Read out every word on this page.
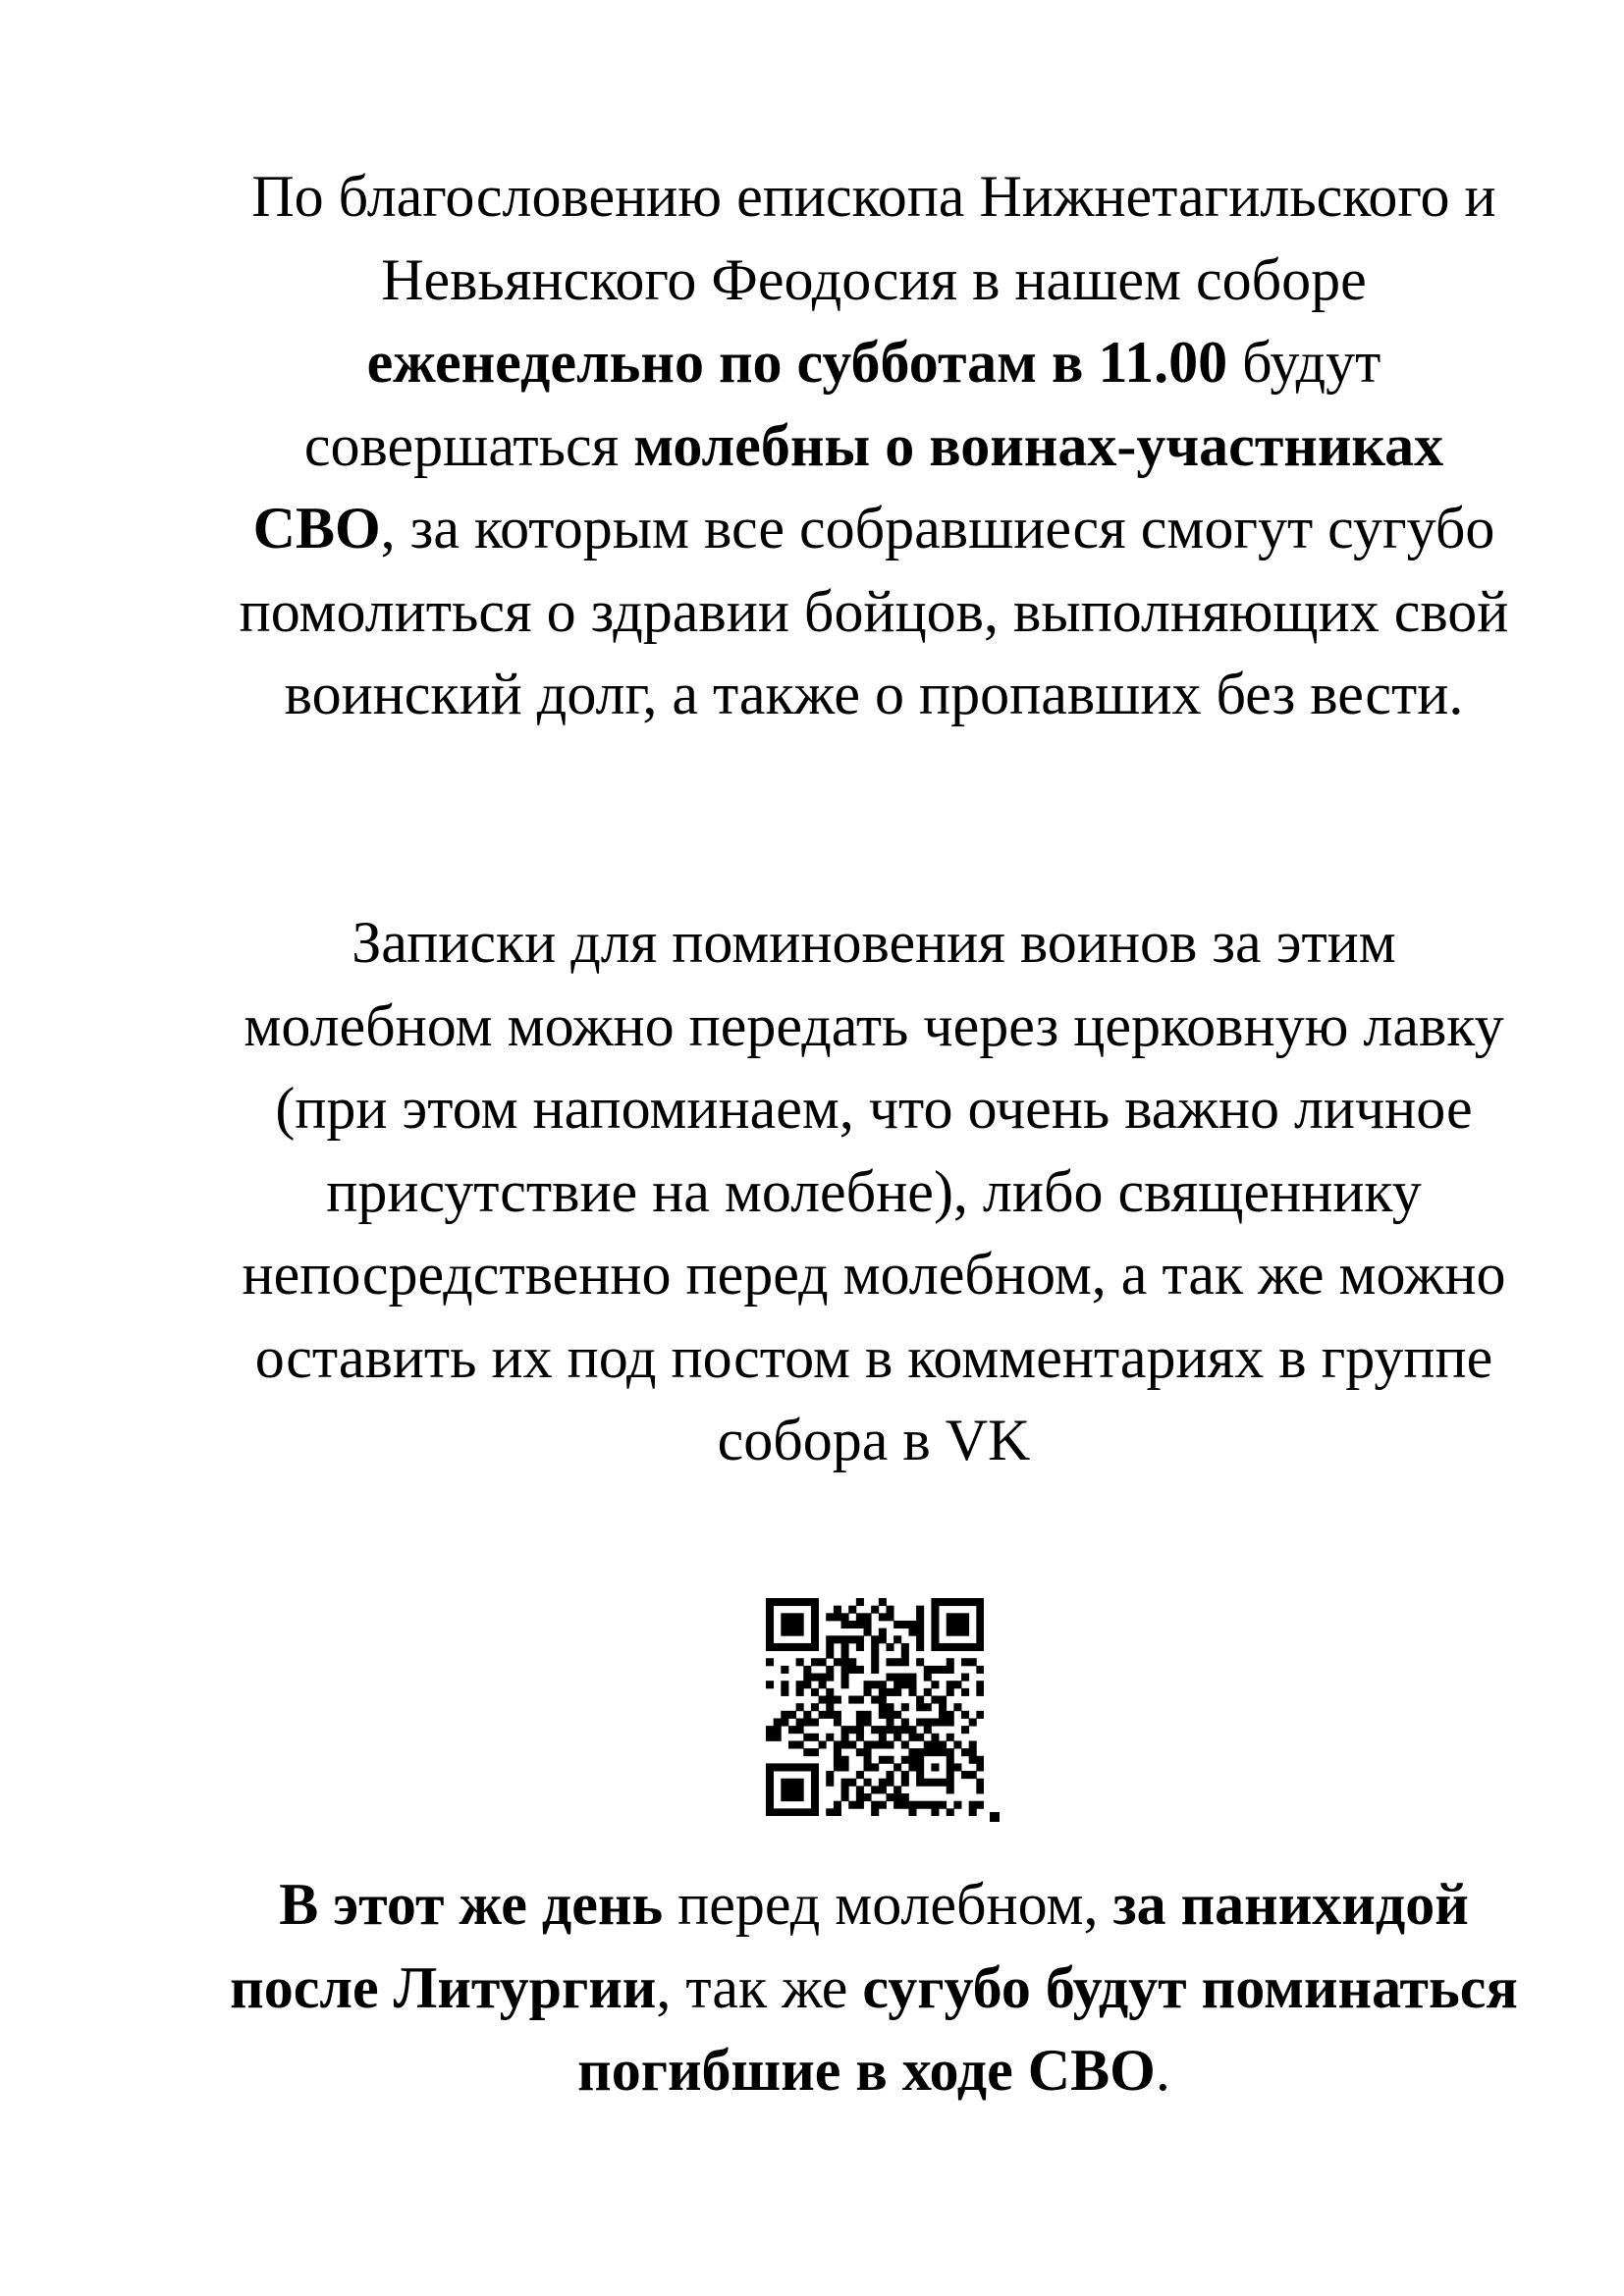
По благословению епископа Нижнетагильского и Невьянского Феодосия в нашем соборе еженедельно по субботам в 11.00 будут совершаться молебны о воинах-участниках СВО, за которым все собравшиеся смогут сугубо помолиться о здравии бойцов, выполняющих свой воинский долг, а также о пропавших без вести.

Записки для поминовения воинов за этим молебном можно передать через церковную лавку (при этом напоминаем, что очень важно личное присутствие на молебне), либо священнику непосредственно перед молебном, а так же можно оставить их под постом в комментариях в группе собора в VK

В этот же день перед молебном, за панихидой после Литургии, так же сугубо будут поминаться погибшие в ходе СВО.
